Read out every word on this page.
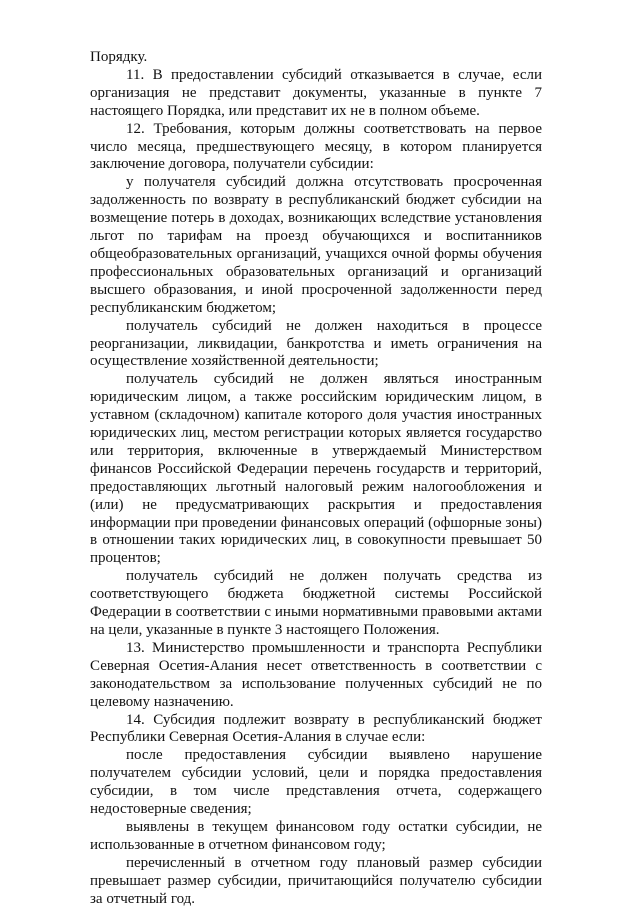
Порядку.

11. В предоставлении субсидий отказывается в случае, если организация не представит документы, указанные в пункте 7 настоящего Порядка, или представит их не в полном объеме.

12. Требования, которым должны соответствовать на первое число месяца, предшествующего месяцу, в котором планируется заключение договора, получатели субсидии:

у получателя субсидий должна отсутствовать просроченная задолженность по возврату в республиканский бюджет субсидии на возмещение потерь в доходах, возникающих вследствие установления льгот по тарифам на проезд обучающихся и воспитанников общеобразовательных организаций, учащихся очной формы обучения профессиональных образовательных организаций и организаций высшего образования, и иной просроченной задолженности перед республиканским бюджетом;

получатель субсидий не должен находиться в процессе реорганизации, ликвидации, банкротства и иметь ограничения на осуществление хозяйственной деятельности;

получатель субсидий не должен являться иностранным юридическим лицом, а также российским юридическим лицом, в уставном (складочном) капитале которого доля участия иностранных юридических лиц, местом регистрации которых является государство или территория, включенные в утверждаемый Министерством финансов Российской Федерации перечень государств и территорий, предоставляющих льготный налоговый режим налогообложения и (или) не предусматривающих раскрытия и предоставления информации при проведении финансовых операций (офшорные зоны) в отношении таких юридических лиц, в совокупности превышает 50 процентов;

получатель субсидий не должен получать средства из соответствующего бюджета бюджетной системы Российской Федерации в соответствии с иными нормативными правовыми актами на цели, указанные в пункте 3 настоящего Положения.

13. Министерство промышленности и транспорта Республики Северная Осетия-Алания несет ответственность в соответствии с законодательством за использование полученных субсидий не по целевому назначению.

14. Субсидия подлежит возврату в республиканский бюджет Республики Северная Осетия-Алания в случае если:

после предоставления субсидии выявлено нарушение получателем субсидии условий, цели и порядка предоставления субсидии, в том числе представления отчета, содержащего недостоверные сведения;

выявлены в текущем финансовом году остатки субсидии, не использованные в отчетном финансовом году;

перечисленный в отчетном году плановый размер субсидии превышает размер субсидии, причитающийся получателю субсидии за отчетный год.
